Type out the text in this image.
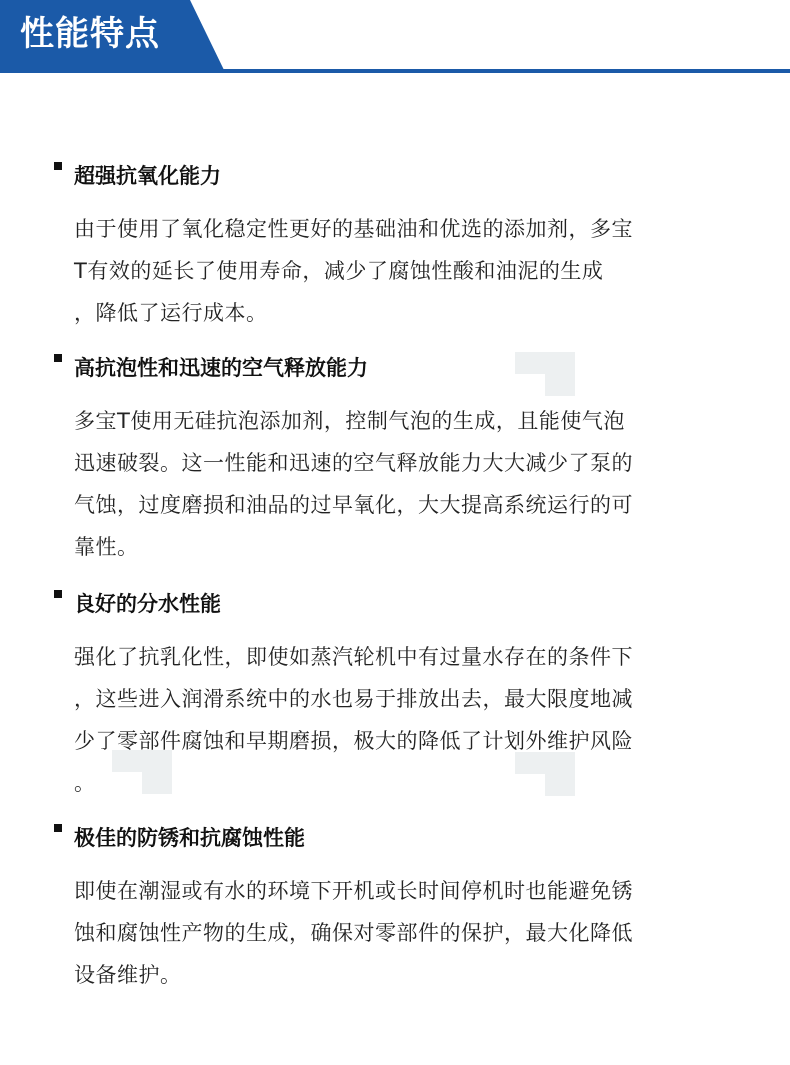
性能特点
超强抗氧化能力
由于使用了氧化稳定性更好的基础油和优选的添加剂，多宝
T有效的延长了使用寿命，减少了腐蚀性酸和油泥的生成
，降低了运行成本。
高抗泡性和迅速的空气释放能力
多宝T使用无硅抗泡添加剂，控制气泡的生成，且能使气泡
迅速破裂。这一性能和迅速的空气释放能力大大减少了泵的
气蚀，过度磨损和油品的过早氧化，大大提高系统运行的可
靠性。
良好的分水性能
强化了抗乳化性，即使如蒸汽轮机中有过量水存在的条件下
，这些进入润滑系统中的水也易于排放出去，最大限度地减
少了零部件腐蚀和早期磨损，极大的降低了计划外维护风险
。
极佳的防锈和抗腐蚀性能
即使在潮湿或有水的环境下开机或长时间停机时也能避免锈
蚀和腐蚀性产物的生成，确保对零部件的保护，最大化降低
设备维护。
